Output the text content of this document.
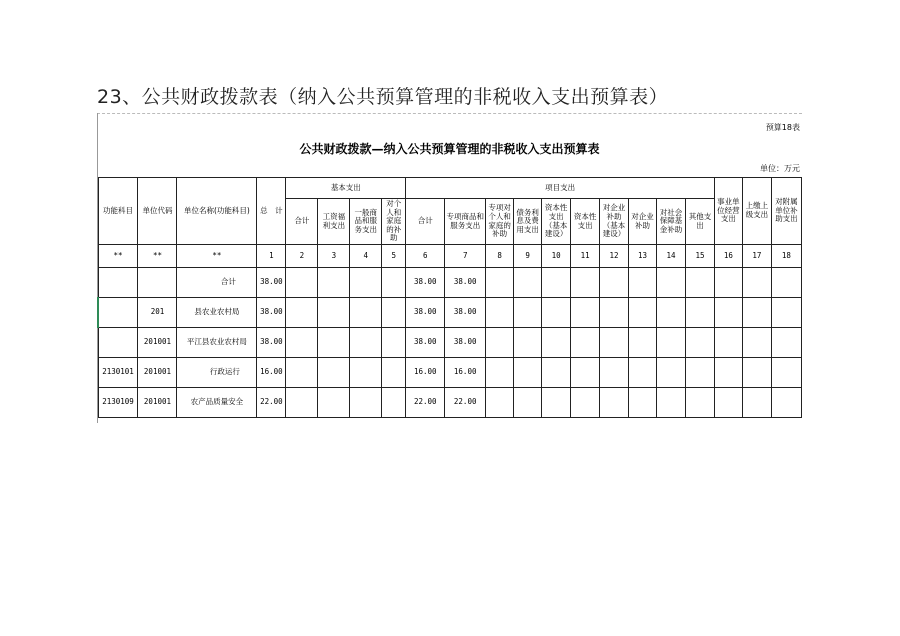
23、公共财政拨款表（纳入公共预算管理的非税收入支出预算表）
预算18表
公共财政拨款—纳入公共预算管理的非税收入支出预算表
单位：万元
功能科目	单位代码	单位名称(功能科目)	总　计	基本支出				项目支出										事业单位经营支出	上缴上级支出	对附属单位补助支出
				合计	工资福利支出	一般商品和服务支出	对个人和家庭的补助	合计	专项商品和服务支出	专项对个人和家庭的补助	债务利息及费用支出	资本性支出（基本建设）	资本性支出	对企业补助（基本建设）	对企业补助	对社会保障基金补助	其他支出			
**	**	**	1	2	3	4	5	6	7	8	9	10	11	12	13	14	15	16	17	18
		合计	38.00					38.00	38.00											
	201	县农业农村局	38.00					38.00	38.00											
	201001	平江县农业农村局	38.00					38.00	38.00											
2130101	201001	行政运行	16.00					16.00	16.00											
2130109	201001	农产品质量安全	22.00					22.00	22.00											
